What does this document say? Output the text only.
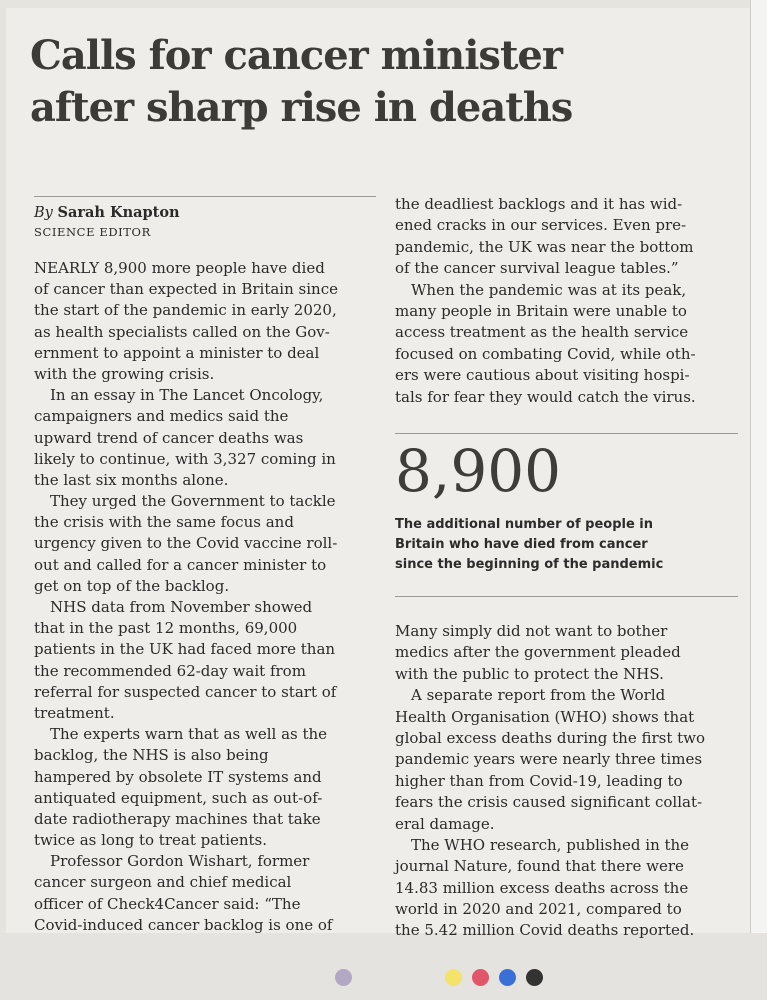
Calls for cancer minister
after sharp rise in deaths
By Sarah Knapton
SCIENCE EDITOR
NEARLY 8,900 more people have died
of cancer than expected in Britain since
the start of the pandemic in early 2020,
as health specialists called on the Gov-
ernment to appoint a minister to deal
with the growing crisis.
In an essay in The Lancet Oncology,
campaigners and medics said the
upward trend of cancer deaths was
likely to continue, with 3,327 coming in
the last six months alone.
They urged the Government to tackle
the crisis with the same focus and
urgency given to the Covid vaccine roll-
out and called for a cancer minister to
get on top of the backlog.
NHS data from November showed
that in the past 12 months, 69,000
patients in the UK had faced more than
the recommended 62-day wait from
referral for suspected cancer to start of
treatment.
The experts warn that as well as the
backlog, the NHS is also being
hampered by obsolete IT systems and
antiquated equipment, such as out-of-
date radiotherapy machines that take
twice as long to treat patients.
Professor Gordon Wishart, former
cancer surgeon and chief medical
officer of Check4Cancer said: “The
Covid-induced cancer backlog is one of
the deadliest backlogs and it has wid-
ened cracks in our services. Even pre-
pandemic, the UK was near the bottom
of the cancer survival league tables.”
When the pandemic was at its peak,
many people in Britain were unable to
access treatment as the health service
focused on combating Covid, while oth-
ers were cautious about visiting hospi-
tals for fear they would catch the virus.
8,900
The additional number of people in
Britain who have died from cancer
since the beginning of the pandemic
Many simply did not want to bother
medics after the government pleaded
with the public to protect the NHS.
A separate report from the World
Health Organisation (WHO) shows that
global excess deaths during the first two
pandemic years were nearly three times
higher than from Covid-19, leading to
fears the crisis caused significant collat-
eral damage.
The WHO research, published in the
journal Nature, found that there were
14.83 million excess deaths across the
world in 2020 and 2021, compared to
the 5.42 million Covid deaths reported.
